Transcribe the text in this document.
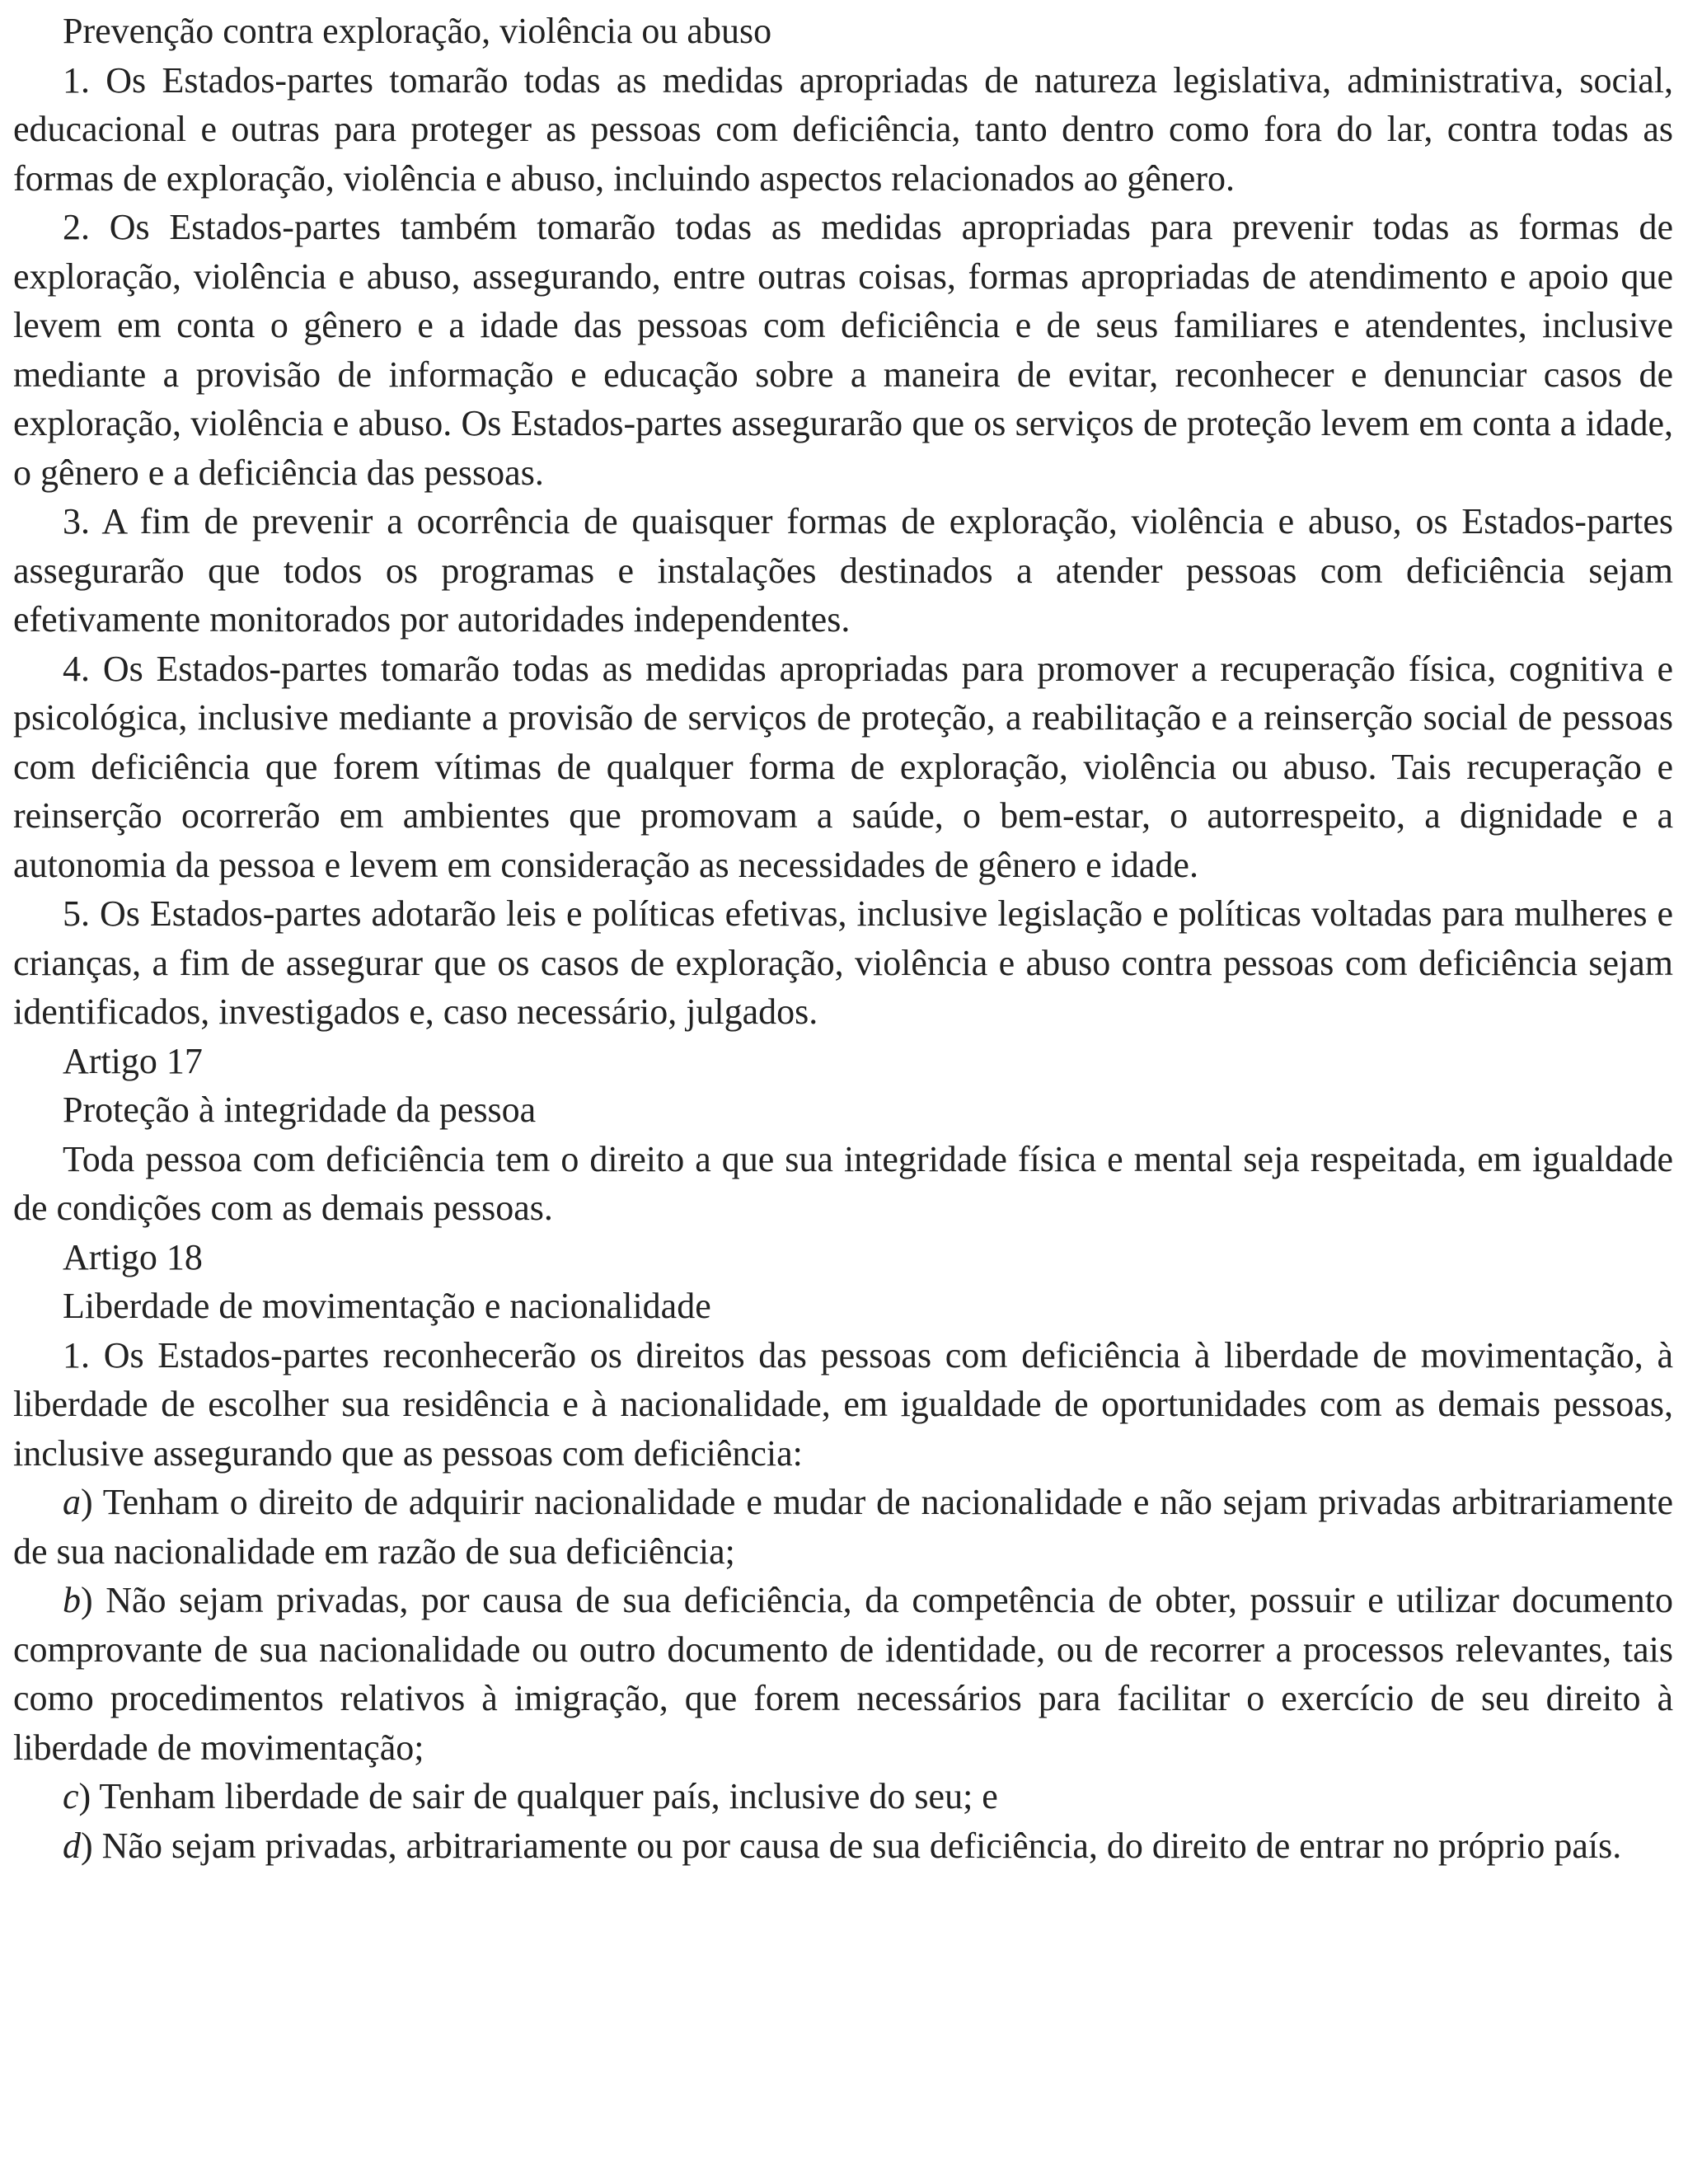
Prevenção contra exploração, violência ou abuso

1. Os Estados-partes tomarão todas as medidas apropriadas de natureza legislativa, administrativa, social, educacional e outras para proteger as pessoas com deficiência, tanto dentro como fora do lar, contra todas as formas de exploração, violência e abuso, incluindo aspectos relacionados ao gênero.

2. Os Estados-partes também tomarão todas as medidas apropriadas para prevenir todas as formas de exploração, violência e abuso, assegurando, entre outras coisas, formas apropriadas de atendimento e apoio que levem em conta o gênero e a idade das pessoas com deficiência e de seus familiares e atendentes, inclusive mediante a provisão de informação e educação sobre a maneira de evitar, reconhecer e denunciar casos de exploração, violência e abuso. Os Estados-partes assegurarão que os serviços de proteção levem em conta a idade, o gênero e a deficiência das pessoas.

3. A fim de prevenir a ocorrência de quaisquer formas de exploração, violência e abuso, os Estados-partes assegurarão que todos os programas e instalações destinados a atender pessoas com deficiência sejam efetivamente monitorados por autoridades independentes.

4. Os Estados-partes tomarão todas as medidas apropriadas para promover a recuperação física, cognitiva e psicológica, inclusive mediante a provisão de serviços de proteção, a reabilitação e a reinserção social de pessoas com deficiência que forem vítimas de qualquer forma de exploração, violência ou abuso. Tais recuperação e reinserção ocorrerão em ambientes que promovam a saúde, o bem-estar, o autorrespeito, a dignidade e a autonomia da pessoa e levem em consideração as necessidades de gênero e idade.

5. Os Estados-partes adotarão leis e políticas efetivas, inclusive legislação e políticas voltadas para mulheres e crianças, a fim de assegurar que os casos de exploração, violência e abuso contra pessoas com deficiência sejam identificados, investigados e, caso necessário, julgados.

Artigo 17

Proteção à integridade da pessoa

Toda pessoa com deficiência tem o direito a que sua integridade física e mental seja respeitada, em igualdade de condições com as demais pessoas.

Artigo 18

Liberdade de movimentação e nacionalidade

1. Os Estados-partes reconhecerão os direitos das pessoas com deficiência à liberdade de movimentação, à liberdade de escolher sua residência e à nacionalidade, em igualdade de oportunidades com as demais pessoas, inclusive assegurando que as pessoas com deficiência:

a) Tenham o direito de adquirir nacionalidade e mudar de nacionalidade e não sejam privadas arbitrariamente de sua nacionalidade em razão de sua deficiência;

b) Não sejam privadas, por causa de sua deficiência, da competência de obter, possuir e utilizar documento comprovante de sua nacionalidade ou outro documento de identidade, ou de recorrer a processos relevantes, tais como procedimentos relativos à imigração, que forem necessários para facilitar o exercício de seu direito à liberdade de movimentação;

c) Tenham liberdade de sair de qualquer país, inclusive do seu; e

d) Não sejam privadas, arbitrariamente ou por causa de sua deficiência, do direito de entrar no próprio país.
